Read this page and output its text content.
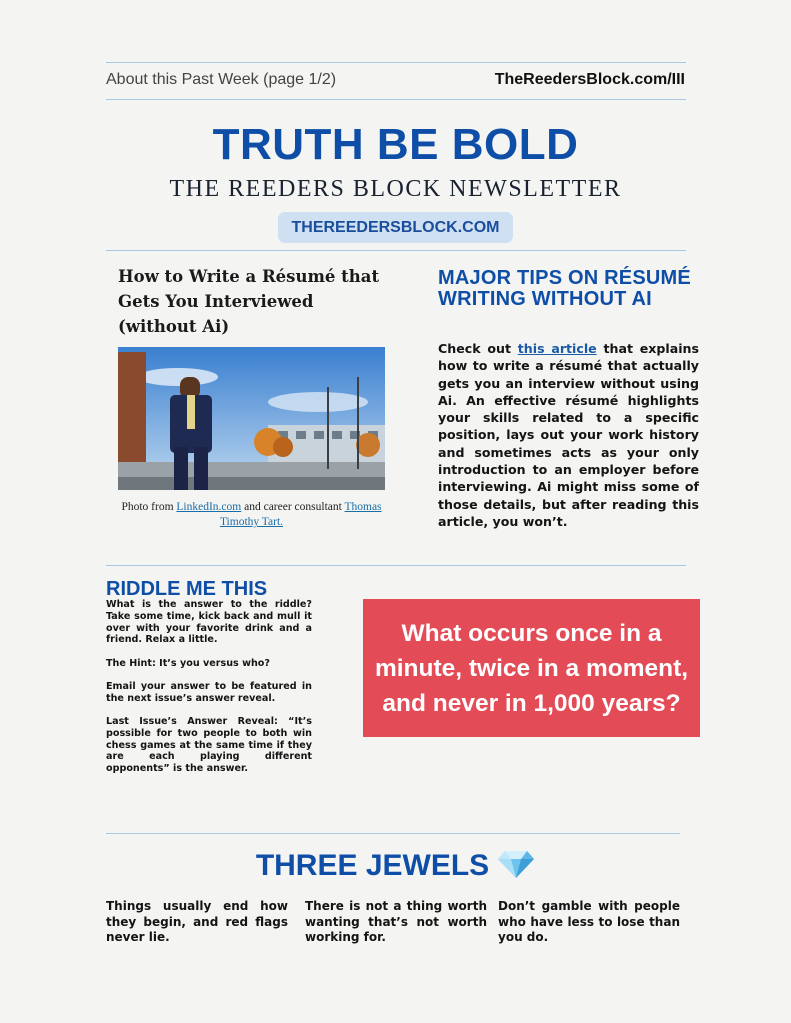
About this Past Week (page 1/2)	TheReedersBlock.com/III
TRUTH BE BOLD
THE REEDERS BLOCK NEWSLETTER
THEREEDERSBLOCK.COM
How to Write a Résumé that Gets You Interviewed (without Ai)
Photo from LinkedIn.com and career consultant Thomas Timothy Tart.
MAJOR TIPS ON RÉSUMÉ WRITING WITHOUT AI
Check out this article that explains how to write a résumé that actually gets you an interview without using Ai. An effective résumé highlights your skills related to a specific position, lays out your work history and sometimes acts as your only introduction to an employer before interviewing. Ai might miss some of those details, but after reading this article, you won’t.
RIDDLE ME THIS

What is the answer to the riddle? Take some time, kick back and mull it over with your favorite drink and a friend. Relax a little.

The Hint: It’s you versus who?

Email your answer to be featured in the next issue’s answer reveal.

Last Issue’s Answer Reveal: “It’s possible for two people to both win chess games at the same time if they are each playing different opponents” is the answer.

What occurs once in a minute, twice in a moment, and never in 1,000 years?
THREE JEWELS
Things usually end how they begin, and red flags never lie.
There is not a thing worth wanting that’s not worth working for.
Don’t gamble with people who have less to lose than you do.
